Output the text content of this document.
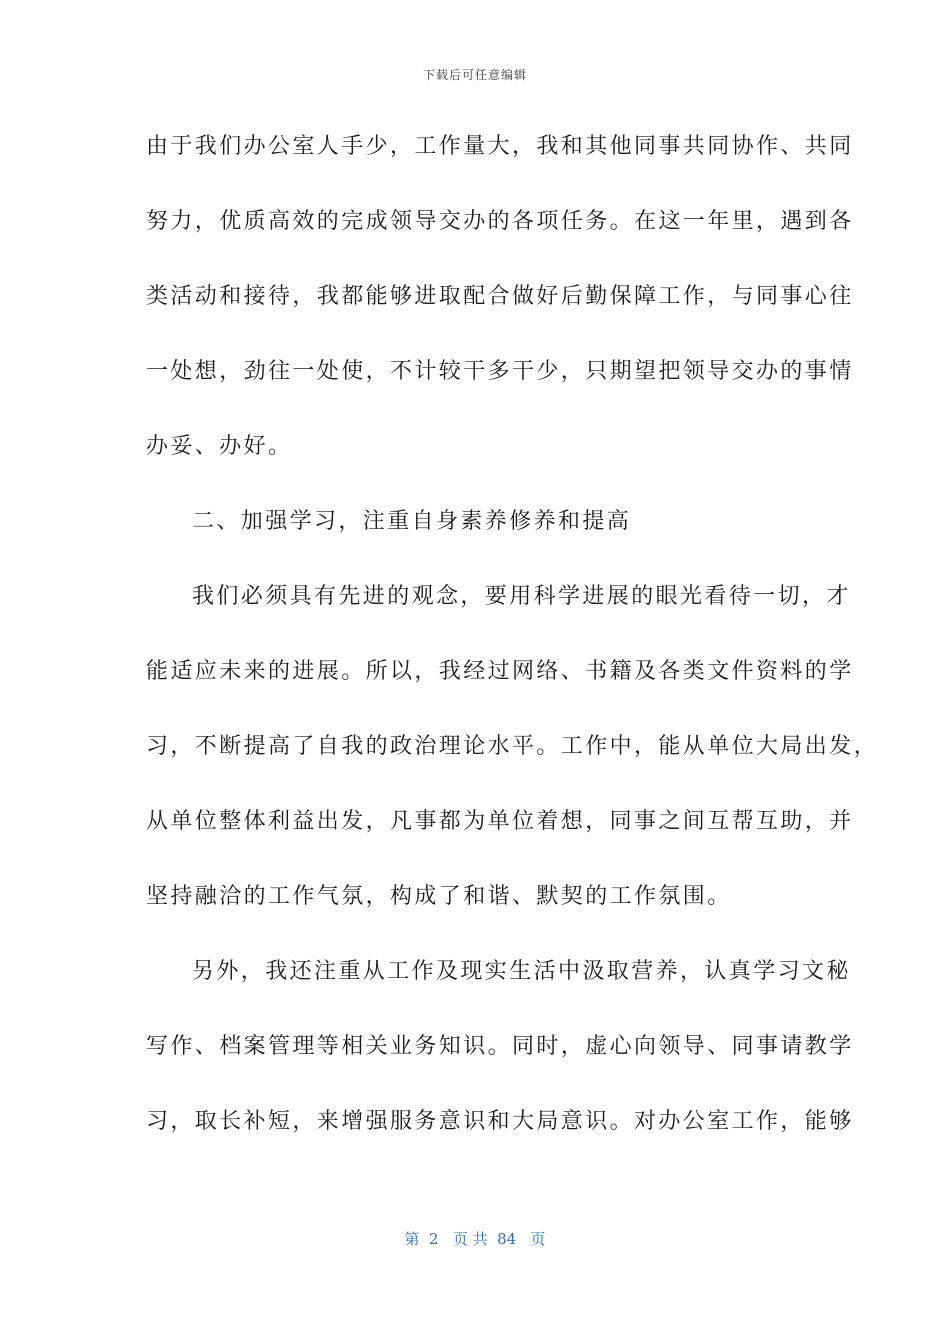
下载后可任意编辑
由于我们办公室人手少，工作量大，我和其他同事共同协作、共同
努力，优质高效的完成领导交办的各项任务。在这一年里，遇到各
类活动和接待，我都能够进取配合做好后勤保障工作，与同事心往
一处想，劲往一处使，不计较干多干少，只期望把领导交办的事情
办妥、办好。
二、加强学习，注重自身素养修养和提高
我们必须具有先进的观念，要用科学进展的眼光看待一切，才
能适应未来的进展。所以，我经过网络、书籍及各类文件资料的学
习，不断提高了自我的政治理论水平。工作中，能从单位大局出发，
从单位整体利益出发，凡事都为单位着想，同事之间互帮互助，并
坚持融洽的工作气氛，构成了和谐、默契的工作氛围。
另外，我还注重从工作及现实生活中汲取营养，认真学习文秘
写作、档案管理等相关业务知识。同时，虚心向领导、同事请教学
习，取长补短，来增强服务意识和大局意识。对办公室工作，能够
第  2   页 共  84   页
